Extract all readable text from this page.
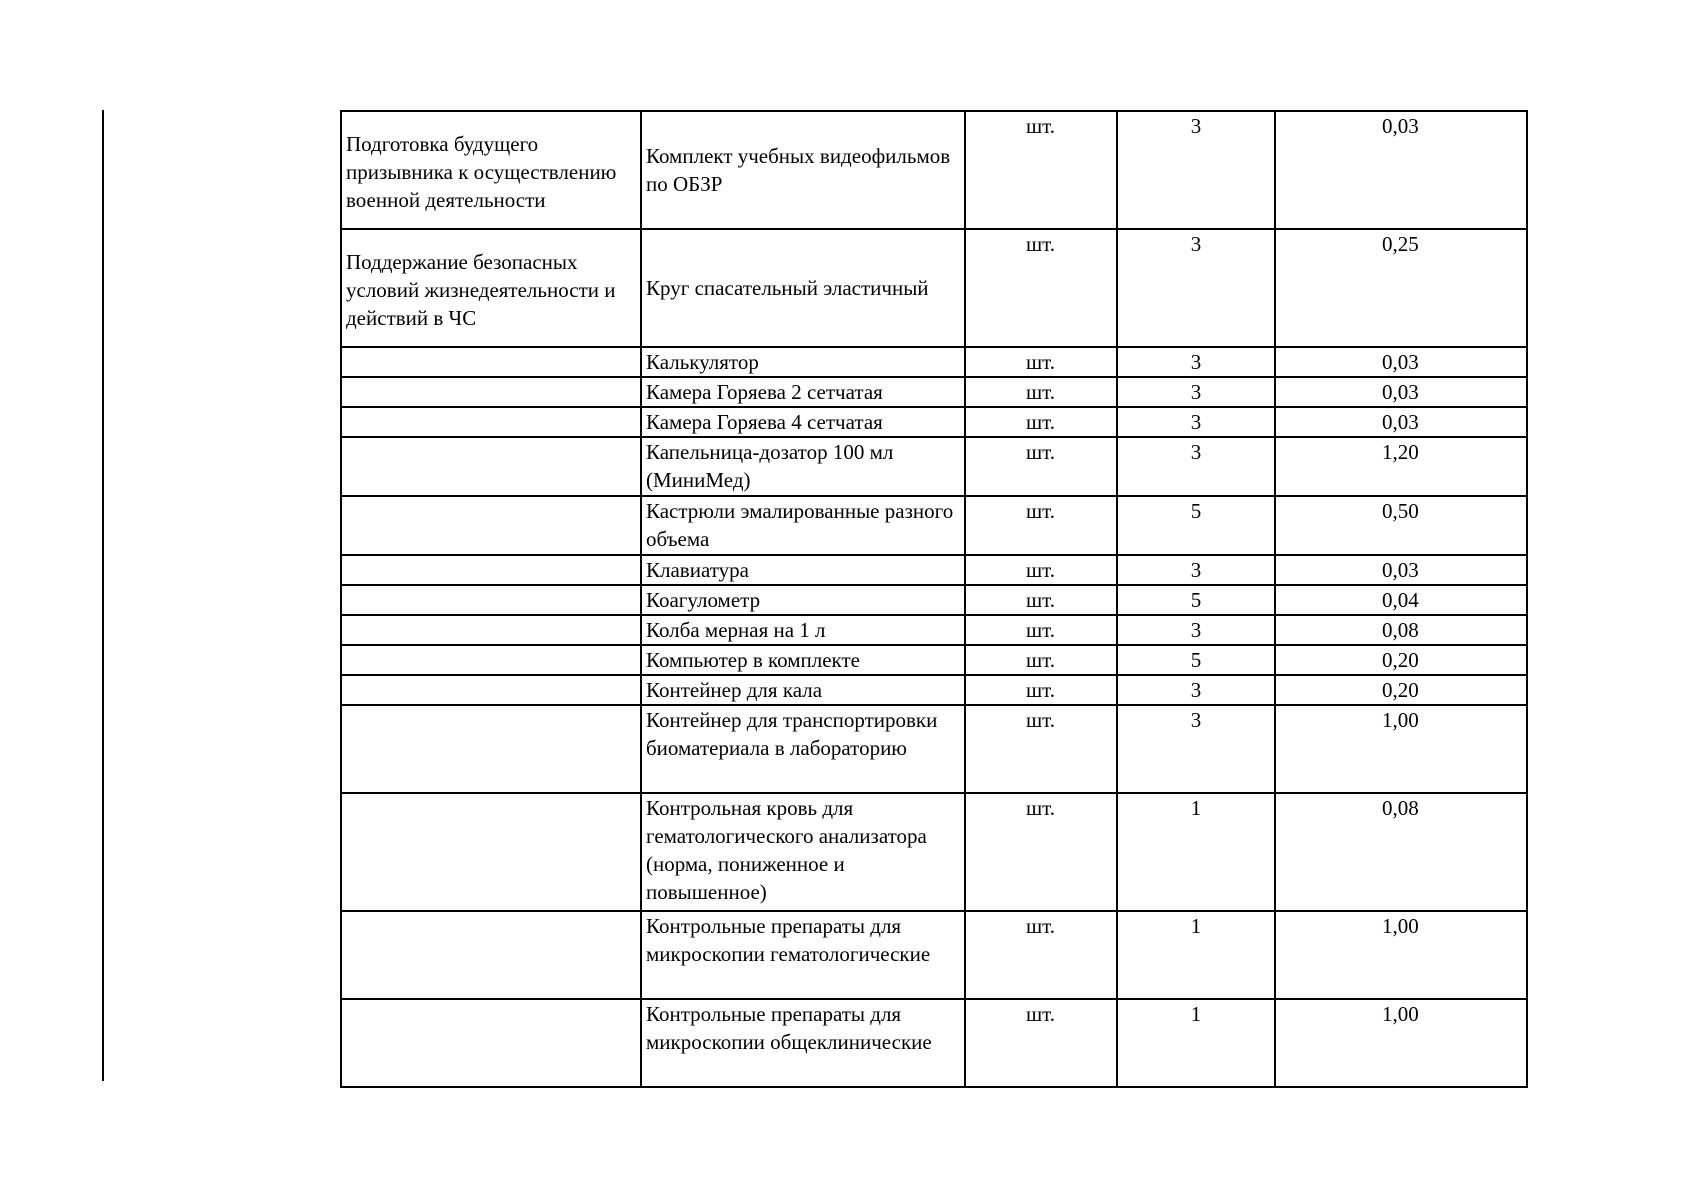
Подготовка будущего призывника к осуществлению военной деятельности	Комплект учебных видеофильмов по ОБЗР	шт.	3	0,03
Поддержание безопасных условий жизнедеятельности и действий в ЧС	Круг спасательный эластичный	шт.	3	0,25
	Калькулятор	шт.	3	0,03
	Камера Горяева 2 сетчатая	шт.	3	0,03
	Камера Горяева 4 сетчатая	шт.	3	0,03
	Капельница-дозатор 100 мл (МиниМед)	шт.	3	1,20
	Кастрюли эмалированные разного объема	шт.	5	0,50
	Клавиатура	шт.	3	0,03
	Коагулометр	шт.	5	0,04
	Колба мерная на 1 л	шт.	3	0,08
	Компьютер в комплекте	шт.	5	0,20
	Контейнер для кала	шт.	3	0,20
	Контейнер для транспортировки биоматериала в лабораторию	шт.	3	1,00
	Контрольная кровь для гематологического анализатора (норма, пониженное и повышенное)	шт.	1	0,08
	Контрольные препараты для микроскопии гематологические	шт.	1	1,00
	Контрольные препараты для микроскопии общеклинические	шт.	1	1,00
